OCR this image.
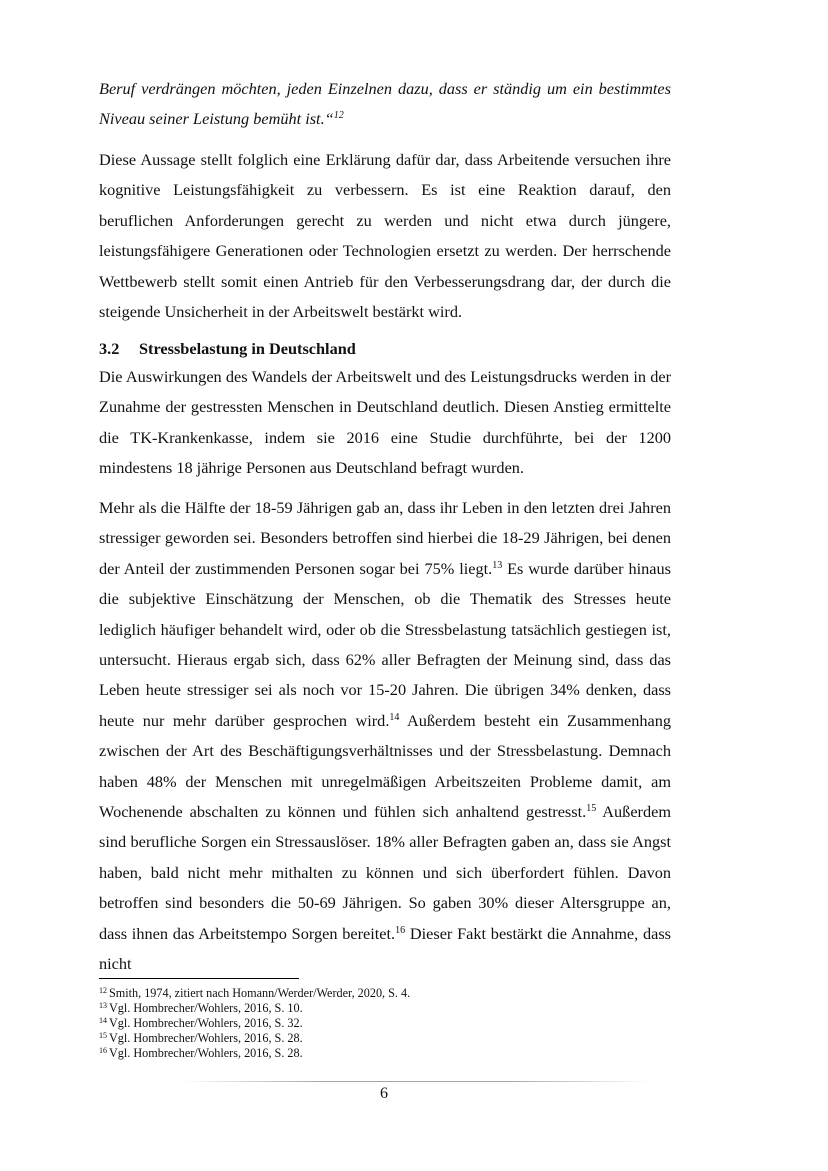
Beruf verdrängen möchten, jeden Einzelnen dazu, dass er ständig um ein bestimmtes Niveau seiner Leistung bemüht ist.“$^{12}$

Diese Aussage stellt folglich eine Erklärung dafür dar, dass Arbeitende versuchen ihre kognitive Leistungsfähigkeit zu verbessern. Es ist eine Reaktion darauf, den beruflichen Anforderungen gerecht zu werden und nicht etwa durch jüngere, leistungsfähigere Generationen oder Technologien ersetzt zu werden. Der herrschende Wettbewerb stellt somit einen Antrieb für den Verbesserungsdrang dar, der durch die steigende Unsicherheit in der Arbeitswelt bestärkt wird.

3.2 Stressbelastung in Deutschland

Die Auswirkungen des Wandels der Arbeitswelt und des Leistungsdrucks werden in der Zunahme der gestressten Menschen in Deutschland deutlich. Diesen Anstieg ermittelte die TK-Krankenkasse, indem sie 2016 eine Studie durchführte, bei der 1200 mindestens 18 jährige Personen aus Deutschland befragt wurden.

Mehr als die Hälfte der 18-59 Jährigen gab an, dass ihr Leben in den letzten drei Jahren stressiger geworden sei. Besonders betroffen sind hierbei die 18-29 Jährigen, bei denen der Anteil der zustimmenden Personen sogar bei 75% liegt.$^{13}$ Es wurde darüber hinaus die subjektive Einschätzung der Menschen, ob die Thematik des Stresses heute lediglich häufiger behandelt wird, oder ob die Stressbelastung tatsächlich gestiegen ist, untersucht. Hieraus ergab sich, dass 62% aller Befragten der Meinung sind, dass das Leben heute stressiger sei als noch vor 15-20 Jahren. Die übrigen 34% denken, dass heute nur mehr darüber gesprochen wird.$^{14}$ Außerdem besteht ein Zusammenhang zwischen der Art des Beschäftigungsverhältnisses und der Stressbelastung. Demnach haben 48% der Menschen mit unregelmäßigen Arbeitszeiten Probleme damit, am Wochenende abschalten zu können und fühlen sich anhaltend gestresst.$^{15}$ Außerdem sind berufliche Sorgen ein Stressauslöser. 18% aller Befragten gaben an, dass sie Angst haben, bald nicht mehr mithalten zu können und sich überfordert fühlen. Davon betroffen sind besonders die 50-69 Jährigen. So gaben 30% dieser Altersgruppe an, dass ihnen das Arbeitstempo Sorgen bereitet.$^{16}$ Dieser Fakt bestärkt die Annahme, dass nicht

$^{12}$ Smith, 1974, zitiert nach Homann/Werder/Werder, 2020, S. 4.
$^{13}$ Vgl. Hombrecher/Wohlers, 2016, S. 10.
$^{14}$ Vgl. Hombrecher/Wohlers, 2016, S. 32.
$^{15}$ Vgl. Hombrecher/Wohlers, 2016, S. 28.
$^{16}$ Vgl. Hombrecher/Wohlers, 2016, S. 28.
6
